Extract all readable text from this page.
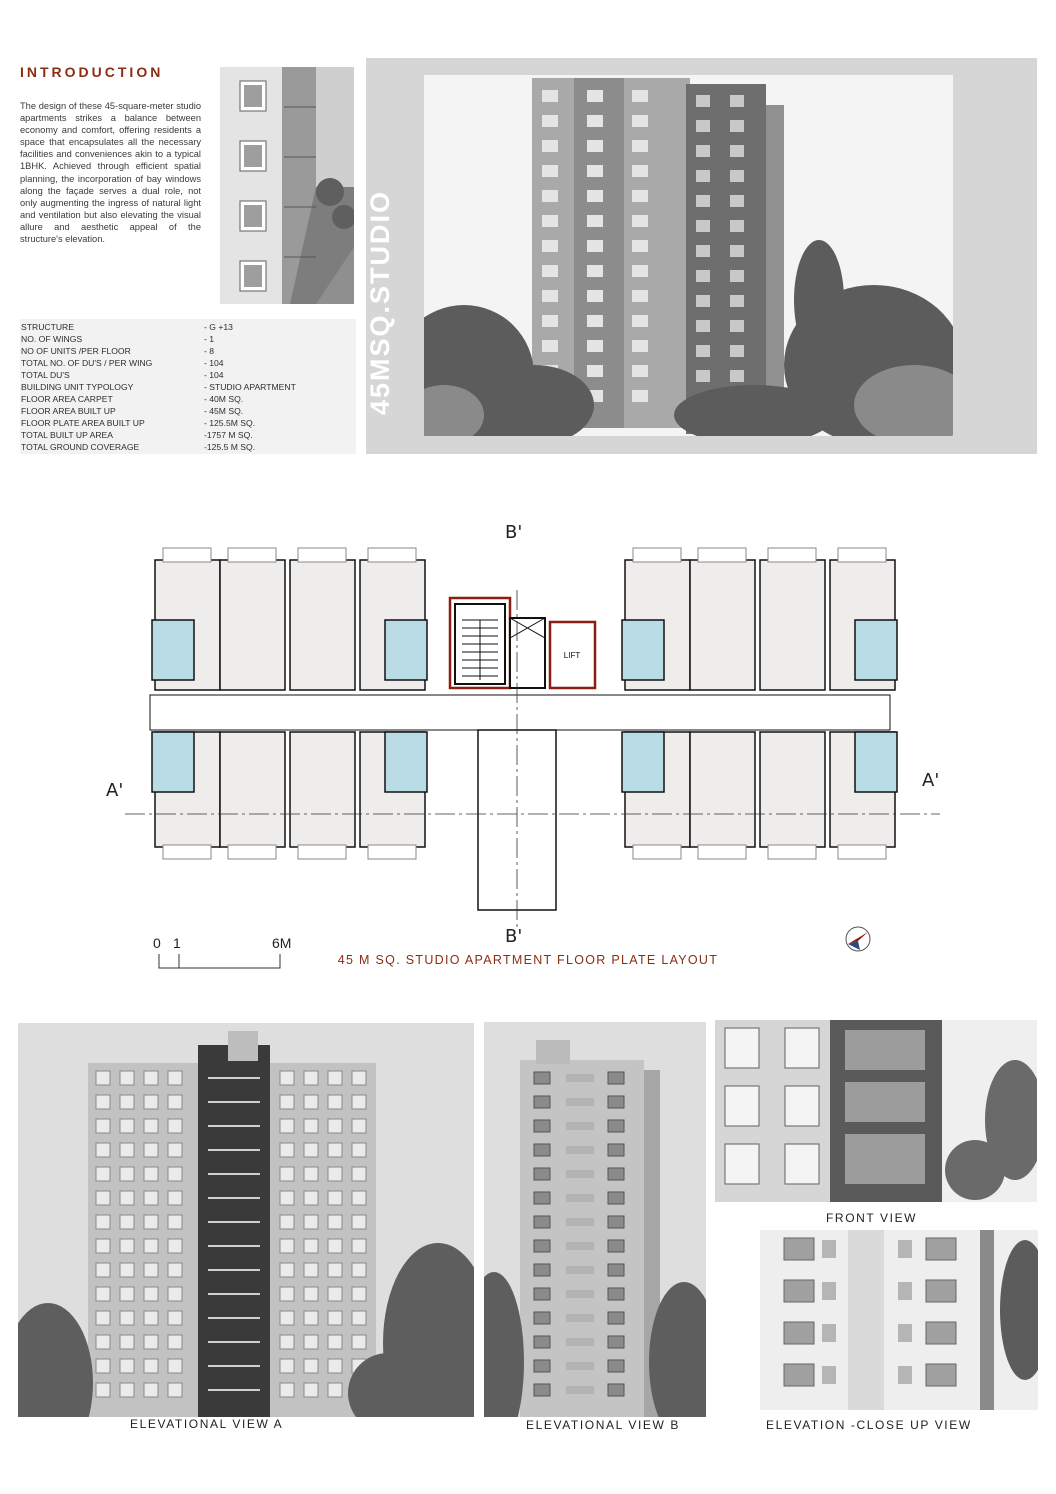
INTRODUCTION
The design of these 45-square-meter studio apartments strikes a balance between economy and comfort, offering residents a space that encapsulates all the necessary facilities and conveniences akin to a typical 1BHK. Achieved through efficient spatial planning, the incorporation of bay windows along the façade serves a dual role, not only augmenting the ingress of natural light and ventilation but also elevating the visual allure and aesthetic appeal of the structure's elevation.
STRUCTURE	- G +13
NO. OF WINGS	- 1
NO OF UNITS /PER FLOOR	- 8
TOTAL NO. OF DU'S / PER WING	- 104
TOTAL DU'S	- 104
BUILDING UNIT TYPOLOGY	- STUDIO APARTMENT
FLOOR AREA CARPET	- 40M SQ.
FLOOR AREA BUILT UP	- 45M SQ.
FLOOR PLATE AREA BUILT UP	- 125.5M SQ.
TOTAL BUILT UP AREA	-1757 M SQ.
TOTAL GROUND COVERAGE	-125.5 M SQ.
45MSQ.STUDIO
LIFT
B'
B'
A'	A'
0 1	6M
45 M SQ. STUDIO APARTMENT FLOOR PLATE LAYOUT
ELEVATIONAL VIEW A	ELEVATIONAL VIEW B
FRONT VIEW
ELEVATION -CLOSE UP VIEW
